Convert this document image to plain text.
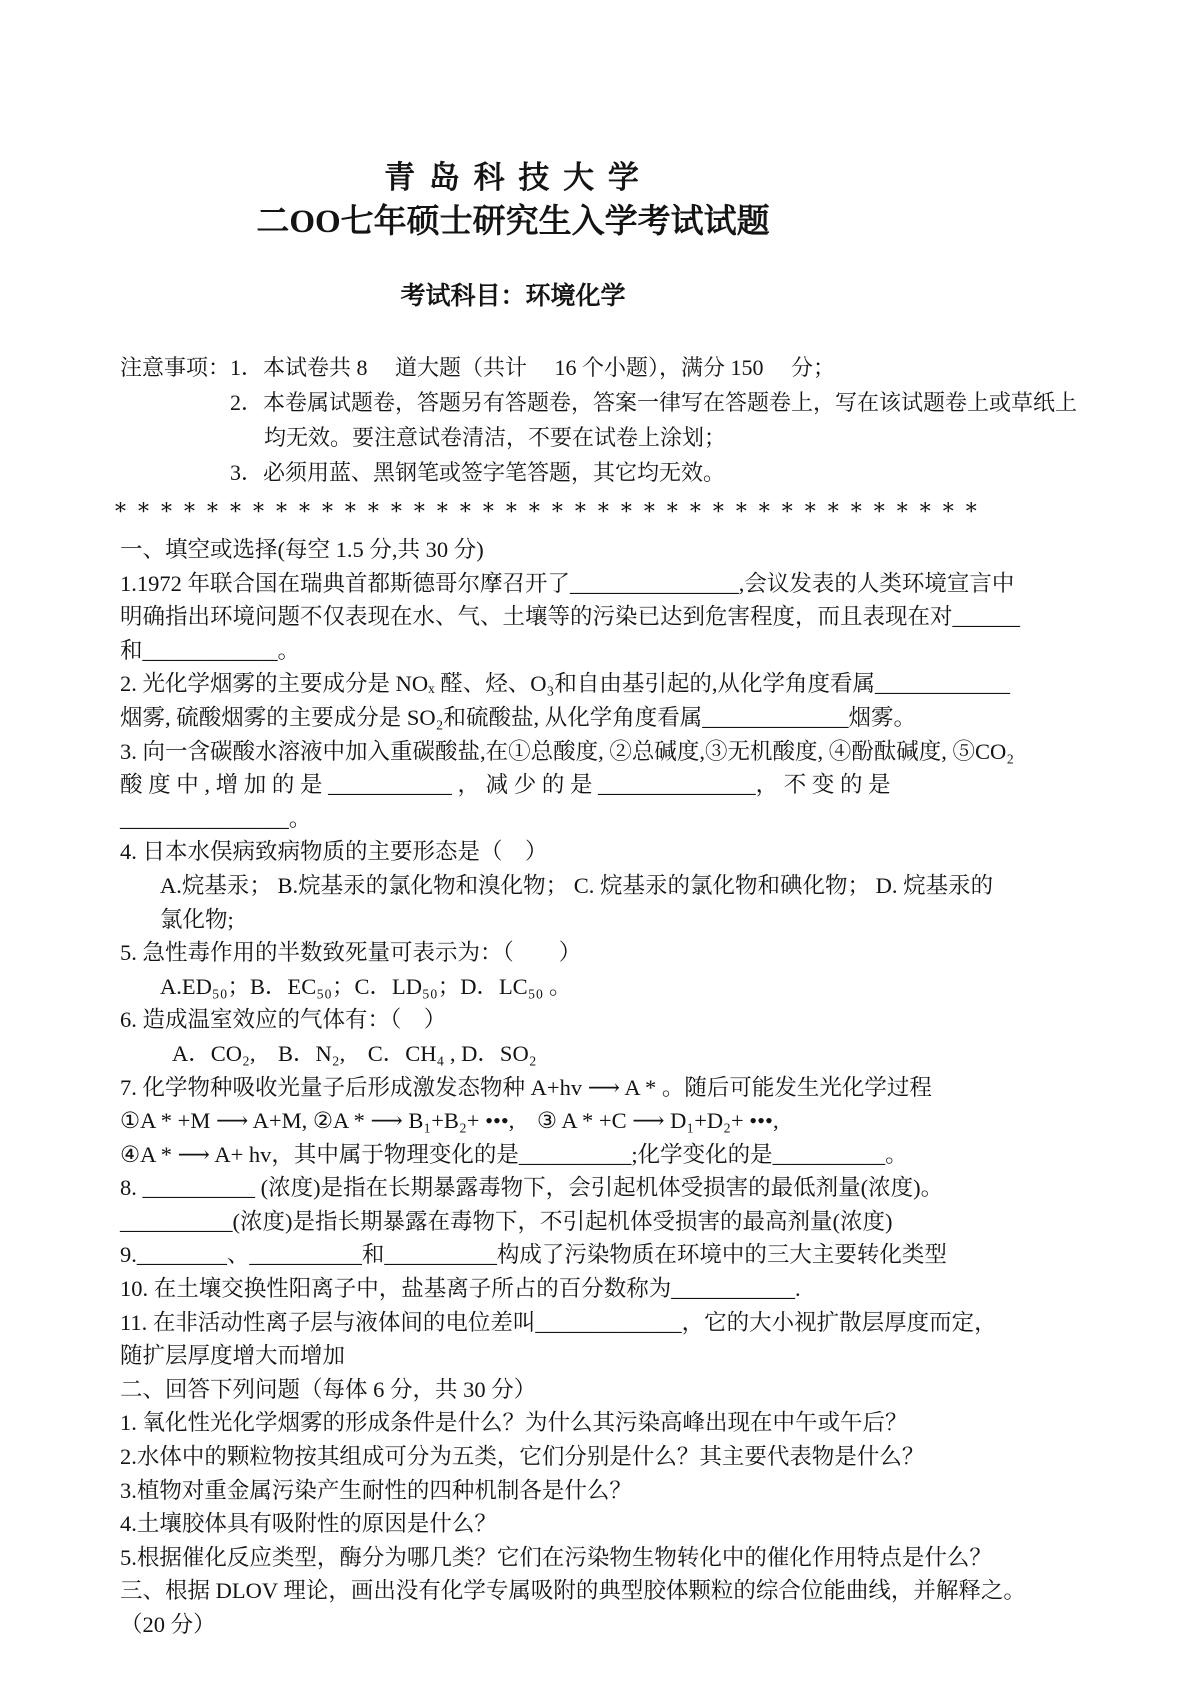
青 岛 科 技 大 学
二OO七年硕士研究生入学考试试题
考试科目：环境化学
注意事项： 1．本试卷共 8　 道大题（共计　 16 个小题），满分 150 　分；

2．本卷属试题卷，答题另有答题卷，答案一律写在答题卷上，写在该试题卷上或草纸上均无效。要注意试卷清洁，不要在试卷上涂划；

3．必须用蓝、黑钢笔或签字笔答题，其它均无效。

* * * * * * * * * * * * * * * * * * * * * * * * * * * * * * * * * * * * * *

一、填空或选择(每空 1.5 分,共 30 分)

1.1972 年联合国在瑞典首都斯德哥尔摩召开了_______________,会议发表的人类环境宣言中

明确指出环境问题不仅表现在水、气、土壤等的污染已达到危害程度，而且表现在对______

和____________。

2. 光化学烟雾的主要成分是 NOₓ 醛、烃、O₃和自由基引起的,从化学角度看属____________

烟雾, 硫酸烟雾的主要成分是 SO₂和硫酸盐, 从化学角度看属_____________烟雾。

3. 向一含碳酸水溶液中加入重碳酸盐,在①总酸度, ②总碱度,③无机酸度, ④酚酞碱度, ⑤CO₂

酸 度 中 , 增 加 的 是 ___________ ， 减 少 的 是 ______________， 不 变 的 是

_______________。

4. 日本水俣病致病物质的主要形态是（　）

A.烷基汞； B.烷基汞的氯化物和溴化物； C. 烷基汞的氯化物和碘化物； D. 烷基汞的

氯化物;

5. 急性毒作用的半数致死量可表示为：（　　）

A.ED₅₀；B．EC₅₀；C．LD₅₀；D．LC₅₀ 。

6. 造成温室效应的气体有：（　）

A．CO₂,　B．N₂,　C．CH₄ , D．SO₂

7. 化学物种吸收光量子后形成激发态物种 A+hv ⟶ A * 。随后可能发生光化学过程

①A * +M ⟶ A+M, ②A * ⟶ B₁+B₂+ •••,　③ A * +C ⟶ D₁+D₂+ •••,

④A * ⟶ A+ hv，其中属于物理变化的是__________;化学变化的是__________。

8. __________ (浓度)是指在长期暴露毒物下，会引起机体受损害的最低剂量(浓度)。

__________(浓度)是指长期暴露在毒物下，不引起机体受损害的最高剂量(浓度)

9.________、__________和__________构成了污染物质在环境中的三大主要转化类型

10. 在土壤交换性阳离子中，盐基离子所占的百分数称为___________.

11. 在非活动性离子层与液体间的电位差叫_____________，它的大小视扩散层厚度而定，

随扩层厚度增大而增加

二、回答下列问题（每体 6 分，共 30 分）

1. 氧化性光化学烟雾的形成条件是什么？为什么其污染高峰出现在中午或午后？

2.水体中的颗粒物按其组成可分为五类，它们分别是什么？其主要代表物是什么？

3.植物对重金属污染产生耐性的四种机制各是什么？

4.土壤胶体具有吸附性的原因是什么？

5.根据催化反应类型，酶分为哪几类？它们在污染物生物转化中的催化作用特点是什么？

三、根据 DLOV 理论，画出没有化学专属吸附的典型胶体颗粒的综合位能曲线，并解释之。

（20 分）
